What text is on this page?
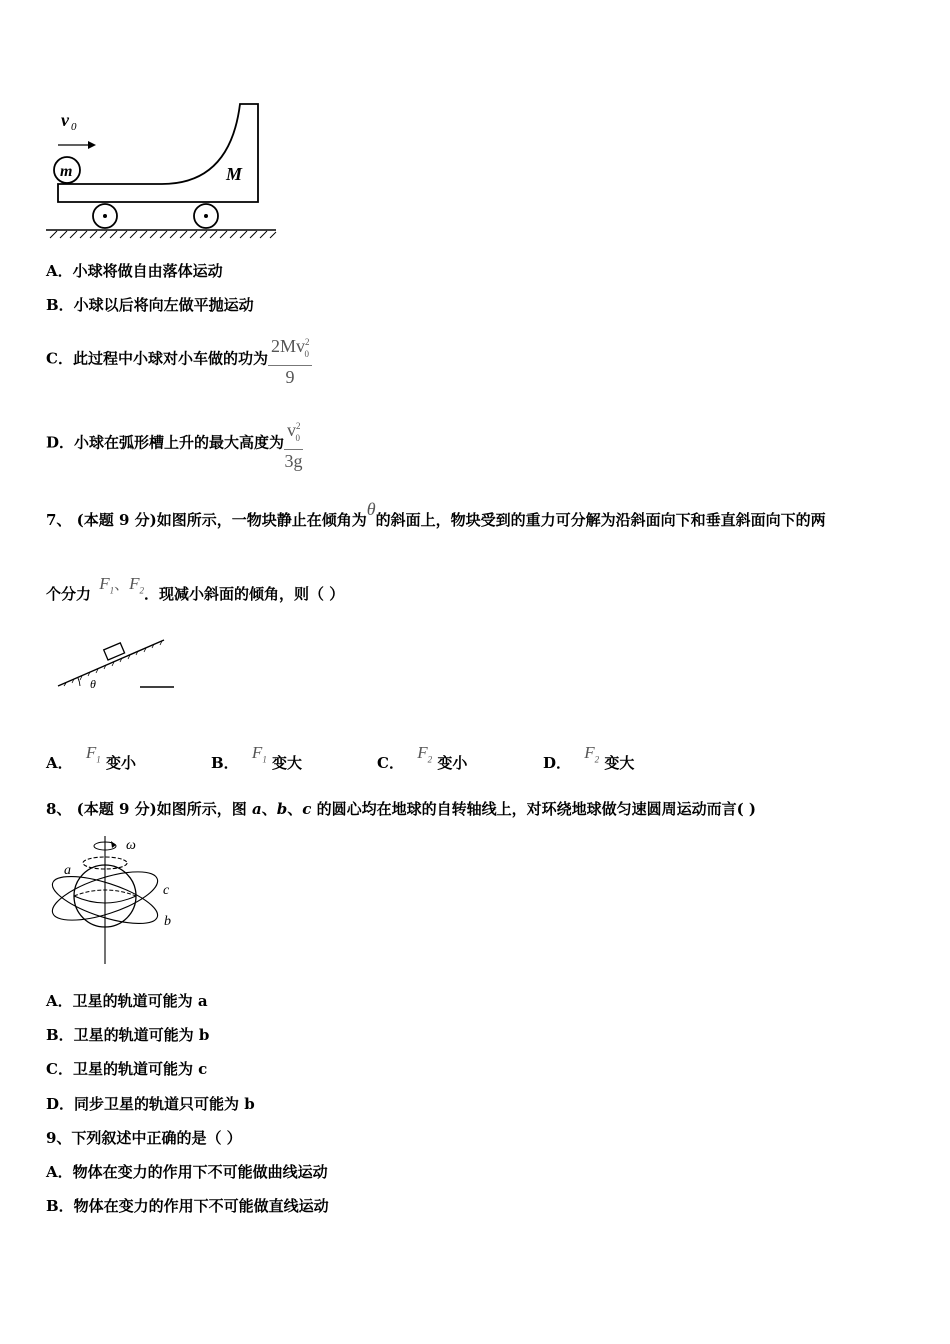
v 0
m	M
A．小球将做自由落体运动
B．小球以后将向左做平抛运动
C．此过程中小球对小车做的功为 $\frac{2Mv^2_0}{9}$
D．小球在弧形槽上升的最大高度为 $\frac{v^2_0}{3g}$
7、 (本题 9 分)如图所示，一物块静止在倾角为θ的斜面上，物块受到的重力可分解为沿斜面向下和垂直斜面向下的两
个分力 $F_1$、$F_2$．现减小斜面的倾角，则（ ）
θ
A． $F_1$ 变小	B． $F_1$ 变大	C． $F_2$ 变小	D． $F_2$ 变大
8、 (本题 9 分)如图所示，图 a、b、c 的圆心均在地球的自转轴线上，对环绕地球做匀速圆周运动而言( )
ω
a
c
b
A．卫星的轨道可能为 a
B．卫星的轨道可能为 b
C．卫星的轨道可能为 c
D．同步卫星的轨道只可能为 b
9、下列叙述中正确的是（ ）
A．物体在变力的作用下不可能做曲线运动
B．物体在变力的作用下不可能做直线运动
